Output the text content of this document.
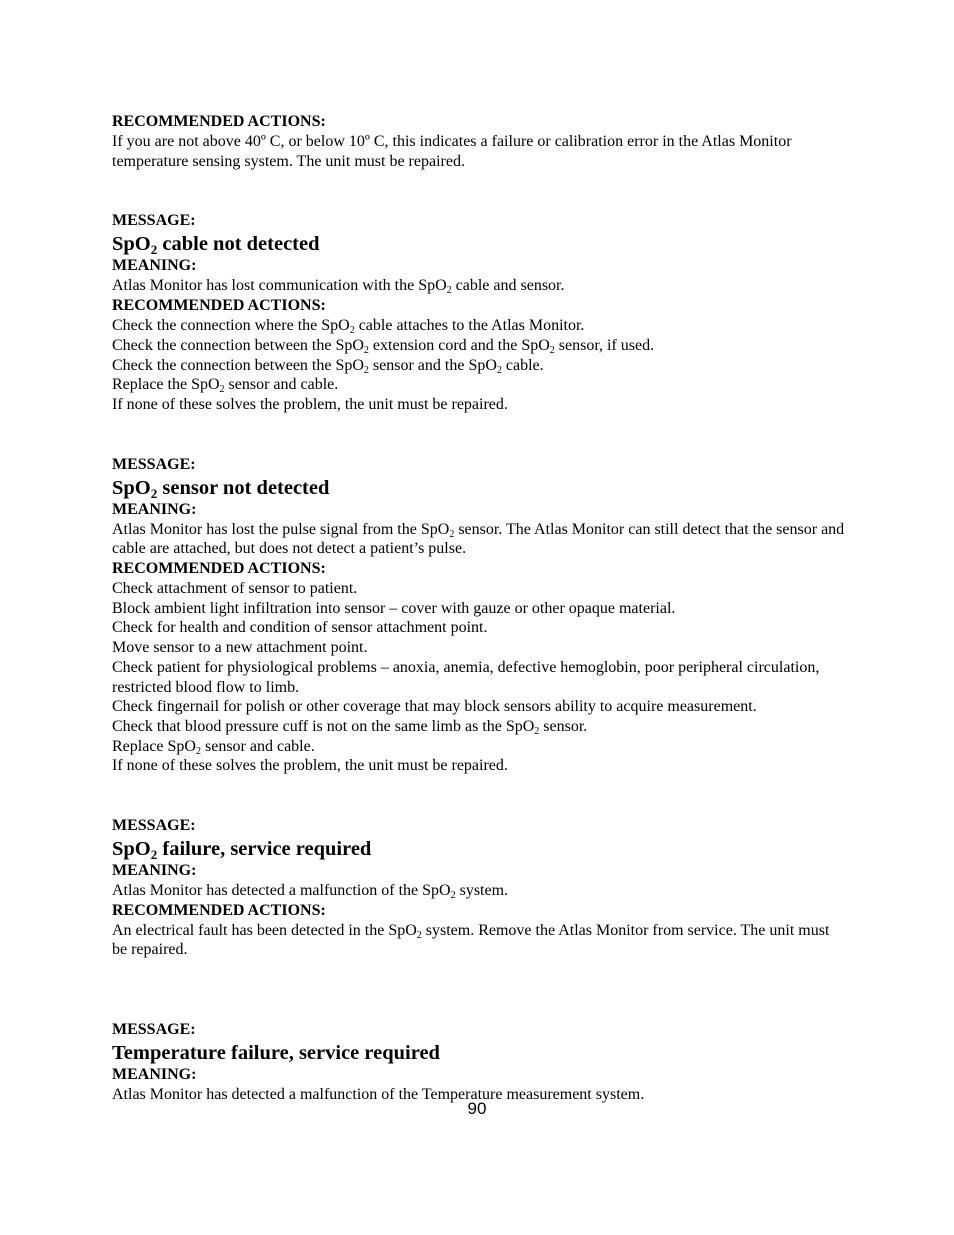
RECOMMENDED ACTIONS:
If you are not above 40º C, or below 10º C, this indicates a failure or calibration error in the Atlas Monitor temperature sensing system. The unit must be repaired.
MESSAGE:
SpO$_2$ cable not detected
MEANING:
Atlas Monitor has lost communication with the SpO$_2$ cable and sensor.
RECOMMENDED ACTIONS:
Check the connection where the SpO$_2$ cable attaches to the Atlas Monitor.
Check the connection between the SpO$_2$ extension cord and the SpO$_2$ sensor, if used.
Check the connection between the SpO$_2$ sensor and the SpO$_2$ cable.
Replace the SpO$_2$ sensor and cable.
If none of these solves the problem, the unit must be repaired.
MESSAGE:
SpO$_2$ sensor not detected
MEANING:
Atlas Monitor has lost the pulse signal from the SpO$_2$ sensor. The Atlas Monitor can still detect that the sensor and cable are attached, but does not detect a patient’s pulse.
RECOMMENDED ACTIONS:
Check attachment of sensor to patient.
Block ambient light infiltration into sensor – cover with gauze or other opaque material.
Check for health and condition of sensor attachment point.
Move sensor to a new attachment point.
Check patient for physiological problems – anoxia, anemia, defective hemoglobin, poor peripheral circulation, restricted blood flow to limb.
Check fingernail for polish or other coverage that may block sensors ability to acquire measurement.
Check that blood pressure cuff is not on the same limb as the SpO$_2$ sensor.
Replace SpO$_2$ sensor and cable.
If none of these solves the problem, the unit must be repaired.
MESSAGE:
SpO$_2$ failure, service required
MEANING:
Atlas Monitor has detected a malfunction of the SpO$_2$ system.
RECOMMENDED ACTIONS:
An electrical fault has been detected in the SpO$_2$ system. Remove the Atlas Monitor from service. The unit must be repaired.
MESSAGE:
Temperature failure, service required
MEANING:
Atlas Monitor has detected a malfunction of the Temperature measurement system.
90
